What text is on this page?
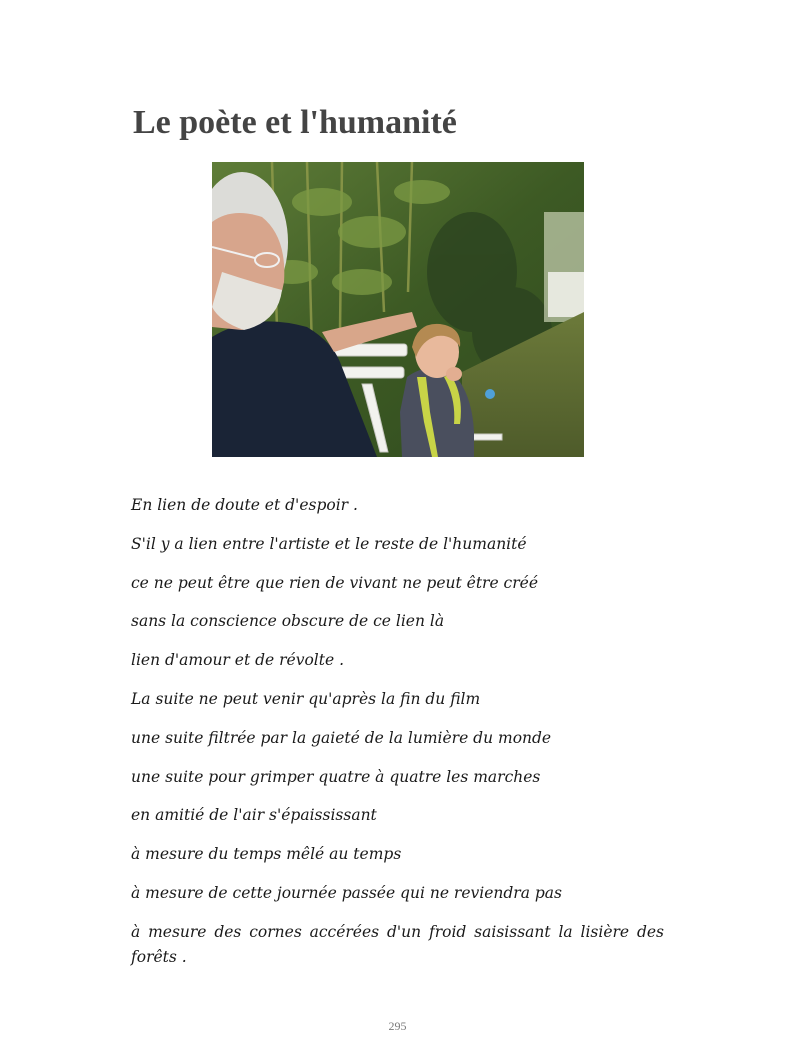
Le poète et l'humanité
En lien de doute et d'espoir .
S'il y a lien entre l'artiste et le reste de l'humanité
ce ne peut être que rien de vivant ne peut être créé
sans la conscience obscure de ce lien là
lien d'amour et de révolte .
La suite ne peut venir qu'après la fin du film
une suite filtrée par la gaieté de la lumière du monde
une suite pour grimper quatre à quatre les marches
en amitié de l'air s'épaississant
à mesure du temps mêlé au temps
à mesure de cette journée passée qui ne reviendra pas
à mesure des cornes accérées d'un froid saisissant la lisière des forêts .
295
